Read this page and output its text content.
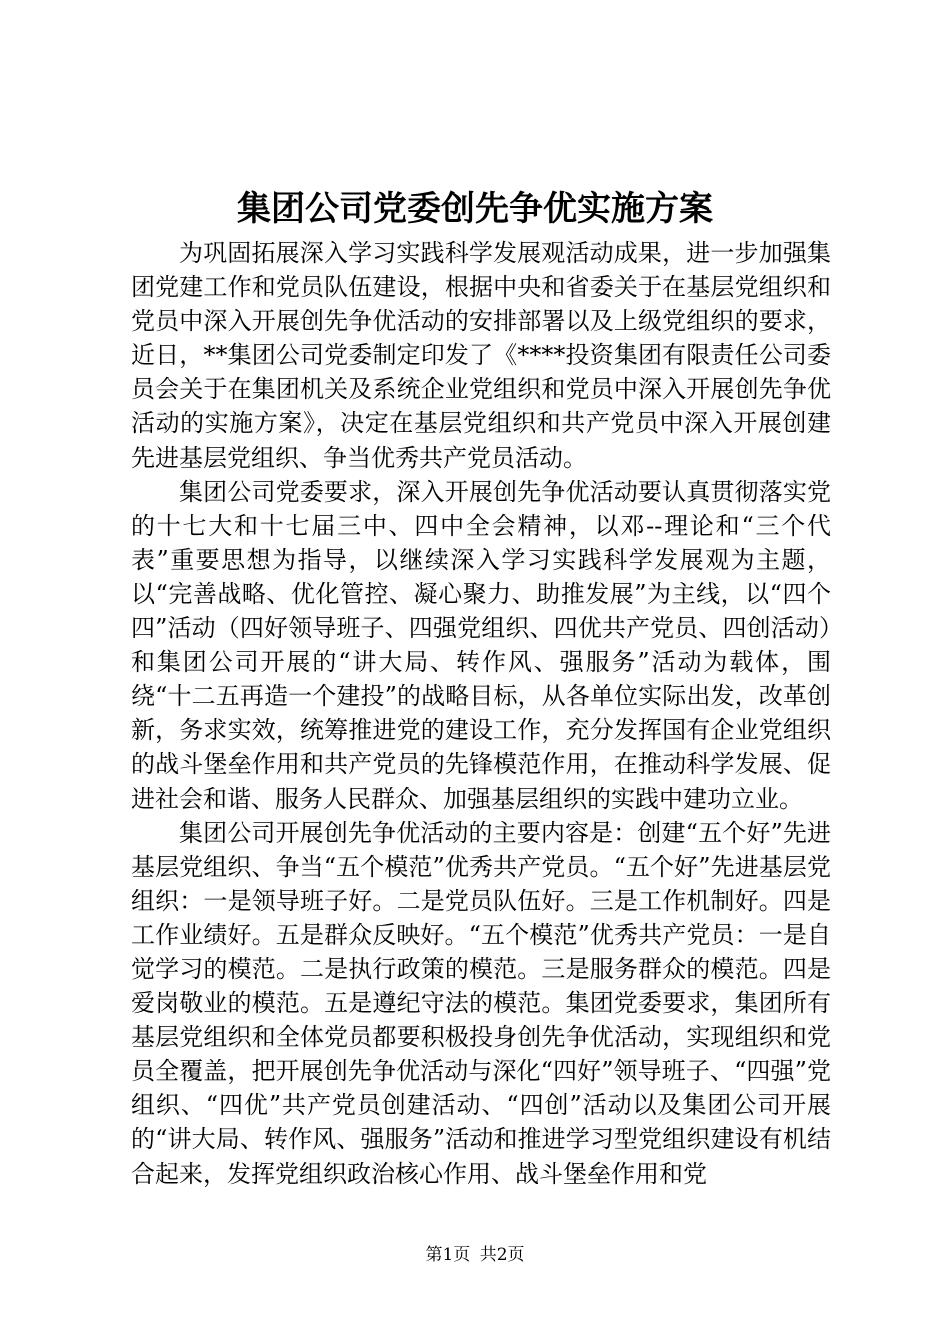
集团公司党委创先争优实施方案

为巩固拓展深入学习实践科学发展观活动成果，进一步加强集团党建工作和党员队伍建设，根据中央和省委关于在基层党组织和党员中深入开展创先争优活动的安排部署以及上级党组织的要求，近日，**集团公司党委制定印发了《****投资集团有限责任公司委员会关于在集团机关及系统企业党组织和党员中深入开展创先争优活动的实施方案》，决定在基层党组织和共产党员中深入开展创建先进基层党组织、争当优秀共产党员活动。

集团公司党委要求，深入开展创先争优活动要认真贯彻落实党的十七大和十七届三中、四中全会精神，以邓--理论和“三个代表”重要思想为指导，以继续深入学习实践科学发展观为主题，以“完善战略、优化管控、凝心聚力、助推发展”为主线，以“四个四”活动（四好领导班子、四强党组织、四优共产党员、四创活动）和集团公司开展的“讲大局、转作风、强服务”活动为载体，围绕“十二五再造一个建投”的战略目标，从各单位实际出发，改革创新，务求实效，统筹推进党的建设工作，充分发挥国有企业党组织的战斗堡垒作用和共产党员的先锋模范作用，在推动科学发展、促进社会和谐、服务人民群众、加强基层组织的实践中建功立业。

集团公司开展创先争优活动的主要内容是：创建“五个好”先进基层党组织、争当“五个模范”优秀共产党员。“五个好”先进基层党组织：一是领导班子好。二是党员队伍好。三是工作机制好。四是工作业绩好。五是群众反映好。“五个模范”优秀共产党员：一是自觉学习的模范。二是执行政策的模范。三是服务群众的模范。四是爱岗敬业的模范。五是遵纪守法的模范。集团党委要求，集团所有基层党组织和全体党员都要积极投身创先争优活动，实现组织和党员全覆盖，把开展创先争优活动与深化“四好”领导班子、“四强”党组织、“四优”共产党员创建活动、“四创”活动以及集团公司开展的“讲大局、转作风、强服务”活动和推进学习型党组织建设有机结合起来，发挥党组织政治核心作用、战斗堡垒作用和党

第1页 共2页
